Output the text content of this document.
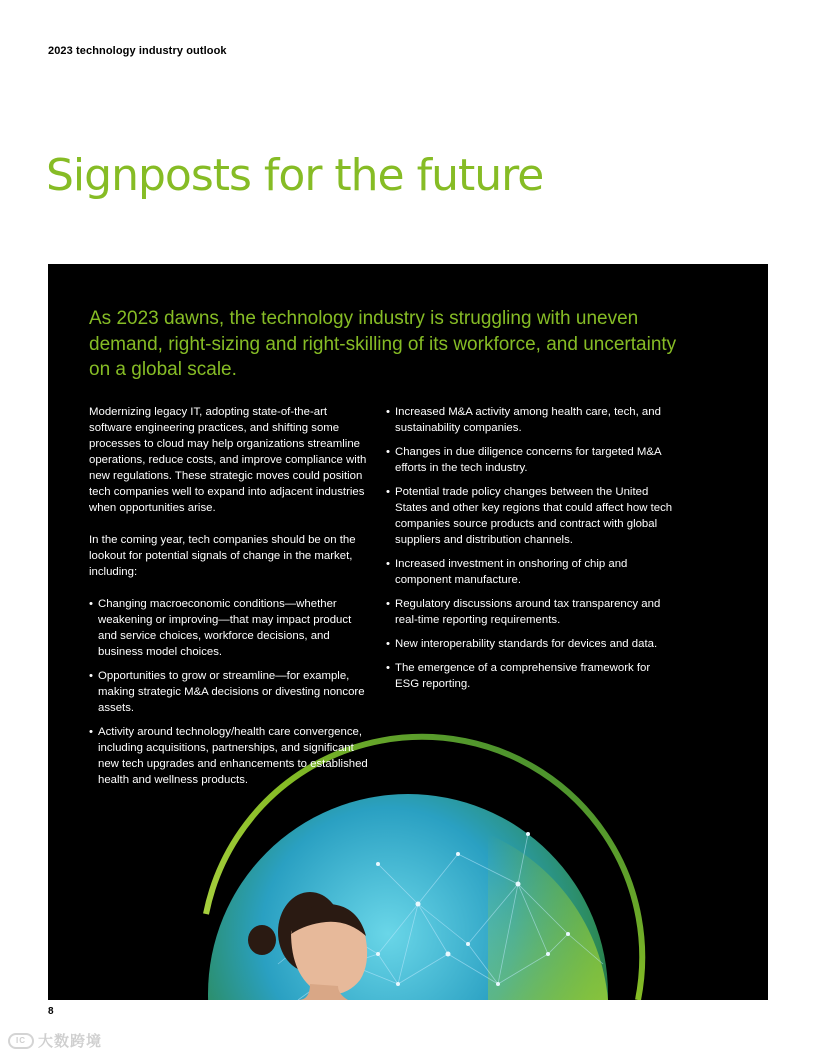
2023 technology industry outlook
Signposts for the future

As 2023 dawns, the technology industry is struggling with uneven demand, right-sizing and right-skilling of its workforce, and uncertainty on a global scale.

Modernizing legacy IT, adopting state-of-the-art software engineering practices, and shifting some processes to cloud may help organizations streamline operations, reduce costs, and improve compliance with new regulations. These strategic moves could position tech companies well to expand into adjacent industries when opportunities arise.

In the coming year, tech companies should be on the lookout for potential signals of change in the market, including:

• Changing macroeconomic conditions—whether weakening or improving—that may impact product and service choices, workforce decisions, and business model choices.
• Opportunities to grow or streamline—for example, making strategic M&A decisions or divesting noncore assets.
• Activity around technology/health care convergence, including acquisitions, partnerships, and significant new tech upgrades and enhancements to established health and wellness products.
• Increased M&A activity among health care, tech, and sustainability companies.
• Changes in due diligence concerns for targeted M&A efforts in the tech industry.
• Potential trade policy changes between the United States and other key regions that could affect how tech companies source products and contract with global suppliers and distribution channels.
• Increased investment in onshoring of chip and component manufacture.
• Regulatory discussions around tax transparency and real-time reporting requirements.
• New interoperability standards for devices and data.
• The emergence of a comprehensive framework for ESG reporting.
8
IC 大数跨境
